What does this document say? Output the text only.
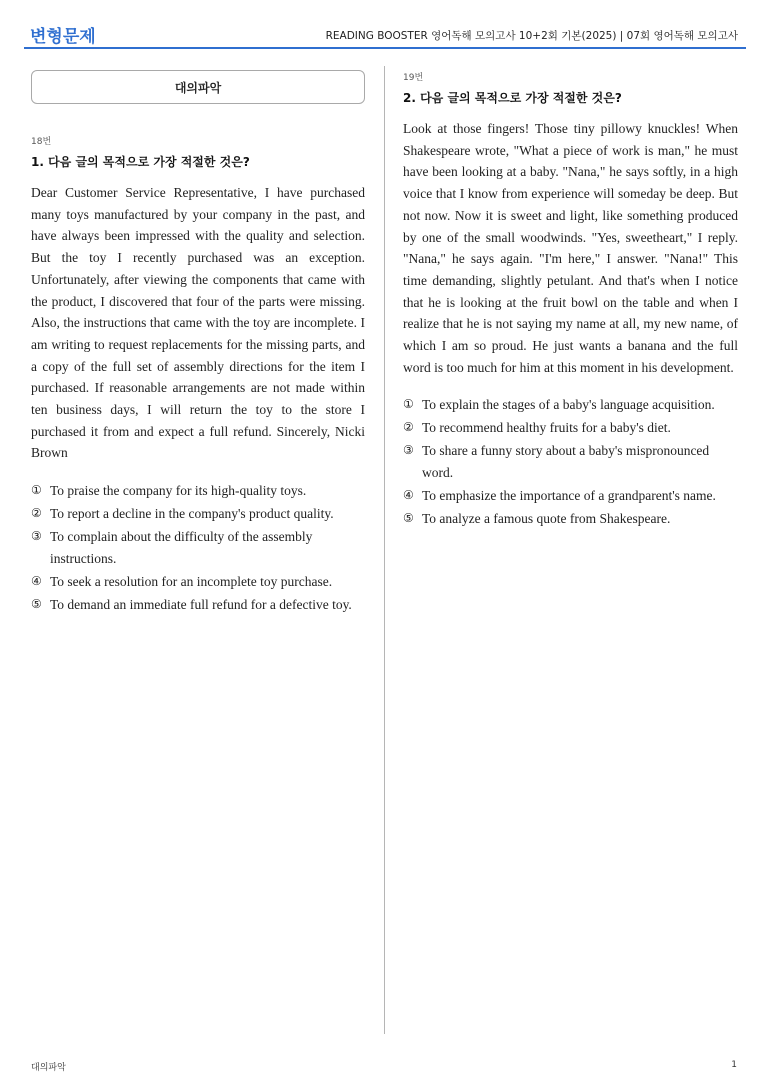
변형문제	READING BOOSTER 영어독해 모의고사 10+2회 기본(2025) | 07회 영어독해 모의고사
대의파악
18번
1. 다음 글의 목적으로 가장 적절한 것은?
Dear Customer Service Representative, I have purchased many toys manufactured by your company in the past, and have always been impressed with the quality and selection. But the toy I recently purchased was an exception. Unfortunately, after viewing the components that came with the product, I discovered that four of the parts were missing. Also, the instructions that came with the toy are incomplete. I am writing to request replacements for the missing parts, and a copy of the full set of assembly directions for the item I purchased. If reasonable arrangements are not made within ten business days, I will return the toy to the store I purchased it from and expect a full refund. Sincerely, Nicki Brown
① To praise the company for its high-quality toys.
② To report a decline in the company's product quality.
③ To complain about the difficulty of the assembly instructions.
④ To seek a resolution for an incomplete toy purchase.
⑤ To demand an immediate full refund for a defective toy.
19번
2. 다음 글의 목적으로 가장 적절한 것은?
Look at those fingers! Those tiny pillowy knuckles! When Shakespeare wrote, "What a piece of work is man," he must have been looking at a baby. "Nana," he says softly, in a high voice that I know from experience will someday be deep. But not now. Now it is sweet and light, like something produced by one of the small woodwinds. "Yes, sweetheart," I reply. "Nana," he says again. "I'm here," I answer. "Nana!" This time demanding, slightly petulant. And that's when I notice that he is looking at the fruit bowl on the table and when I realize that he is not saying my name at all, my new name, of which I am so proud. He just wants a banana and the full word is too much for him at this moment in his development.
① To explain the stages of a baby's language acquisition.
② To recommend healthy fruits for a baby's diet.
③ To share a funny story about a baby's mispronounced word.
④ To emphasize the importance of a grandparent's name.
⑤ To analyze a famous quote from Shakespeare.
대의파악	1
